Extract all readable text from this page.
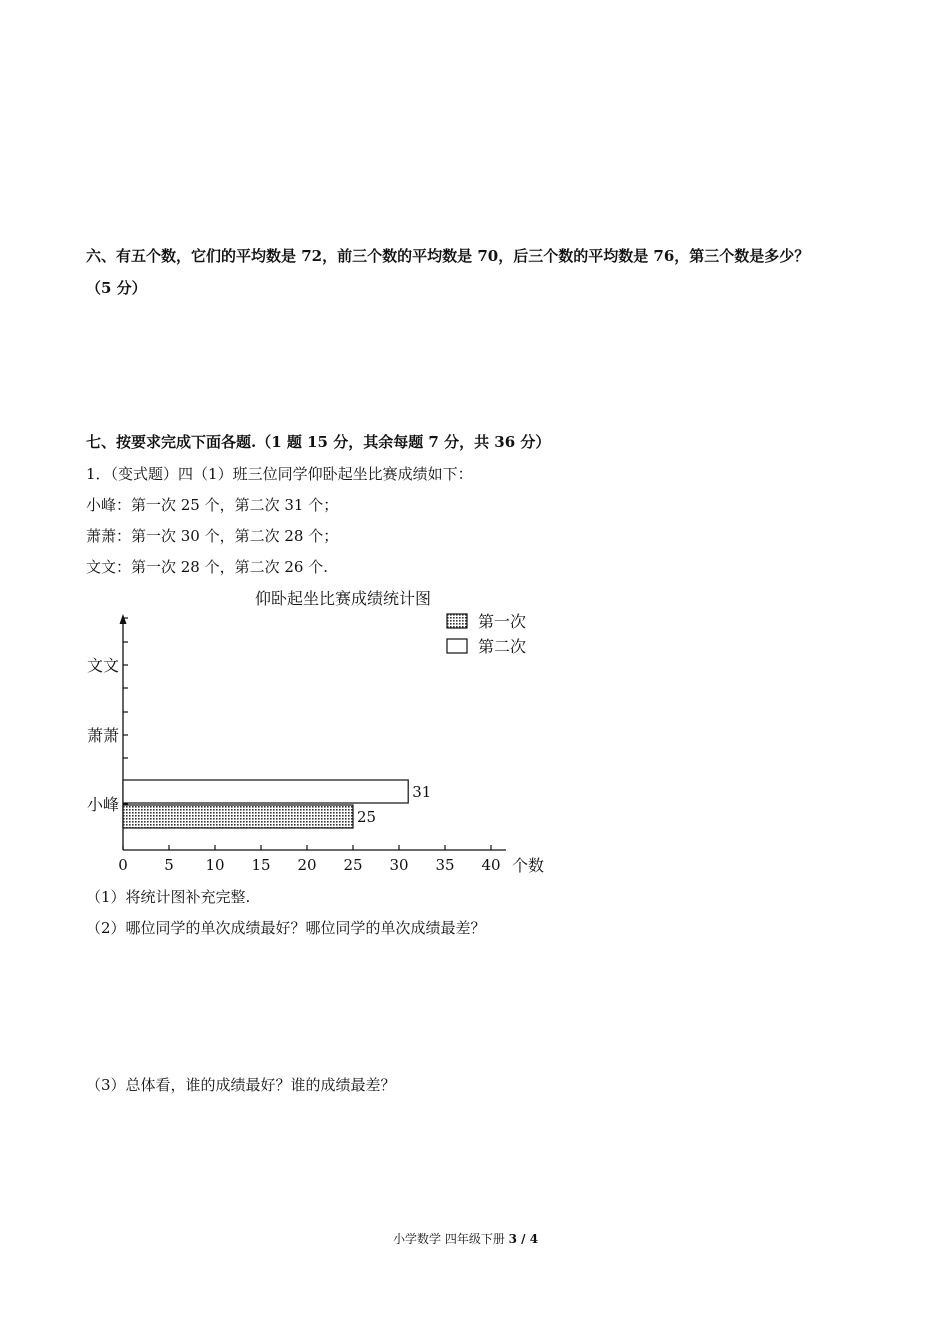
六、有五个数，它们的平均数是 72，前三个数的平均数是 70，后三个数的平均数是 76，第三个数是多少？
（5 分）
七、按要求完成下面各题.（1 题 15 分，其余每题 7 分，共 36 分）
1．（变式题）四（1）班三位同学仰卧起坐比赛成绩如下：
小峰：第一次 25 个，第二次 31 个；
萧萧：第一次 30 个，第二次 28 个；
文文：第一次 28 个，第二次 26 个.
仰卧起坐比赛成绩统计图
0 5 10 15 20 25 30 35 40 个数
小峰
萧萧
文文
31
25
第一次
第二次
（1）将统计图补充完整.
（2）哪位同学的单次成绩最好？哪位同学的单次成绩最差？
（3）总体看，谁的成绩最好？谁的成绩最差？
小学数学 四年级下册 3 / 4
